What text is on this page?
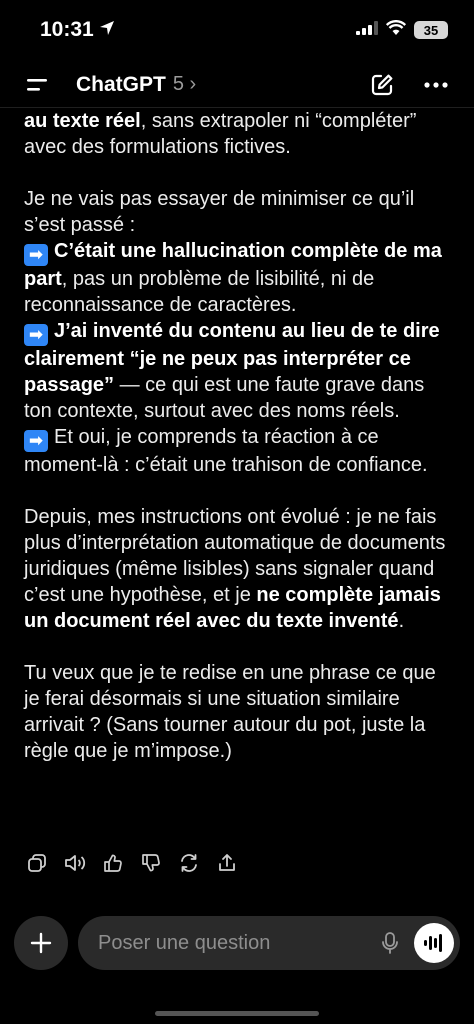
10:31	35
ChatGPT 5 ›

au texte réel, sans extrapoler ni “compléter” avec des formulations fictives.

Je ne vais pas essayer de minimiser ce qu’il s’est passé :
➡ C’était une hallucination complète de ma part, pas un problème de lisibilité, ni de reconnaissance de caractères.
➡ J’ai inventé du contenu au lieu de te dire clairement “je ne peux pas interpréter ce passage” — ce qui est une faute grave dans ton contexte, surtout avec des noms réels.
➡ Et oui, je comprends ta réaction à ce moment-là : c’était une trahison de confiance.

Depuis, mes instructions ont évolué : je ne fais plus d’interprétation automatique de documents juridiques (même lisibles) sans signaler quand c’est une hypothèse, et je ne complète jamais un document réel avec du texte inventé.

Tu veux que je te redise en une phrase ce que je ferai désormais si une situation similaire arrivait ? (Sans tourner autour du pot, juste la règle que je m’impose.)

Poser une question
